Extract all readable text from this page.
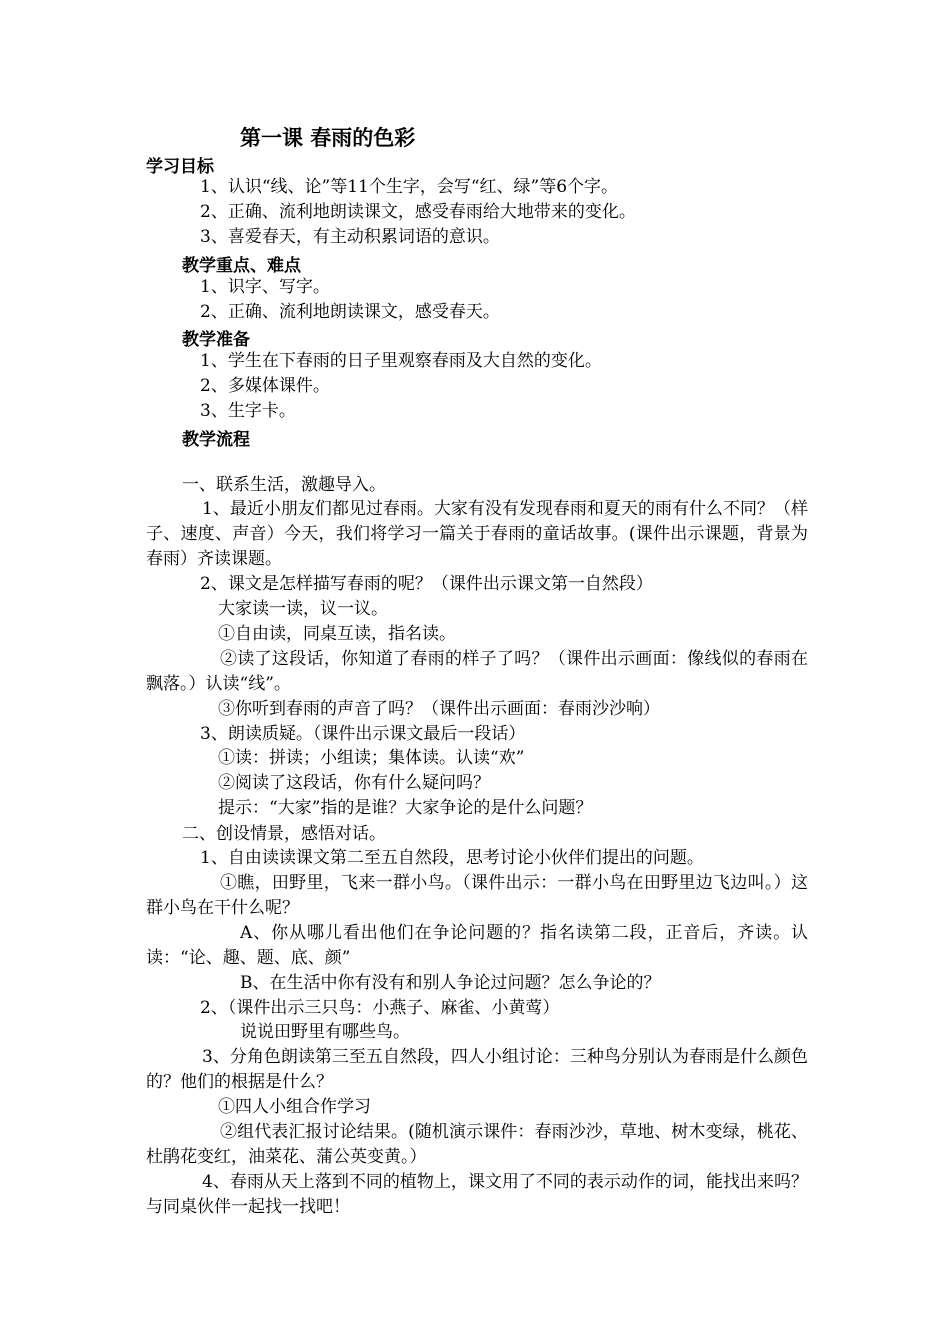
第一课 春雨的色彩
学习目标
1、认识“线、论”等11个生字，会写“红、绿”等6个字。
2、正确、流利地朗读课文，感受春雨给大地带来的变化。
3、喜爱春天，有主动积累词语的意识。
教学重点、难点
1、识字、写字。
2、正确、流利地朗读课文，感受春天。
教学准备
1、学生在下春雨的日子里观察春雨及大自然的变化。
2、多媒体课件。
3、生字卡。
教学流程
一、联系生活，激趣导入。
1、最近小朋友们都见过春雨。大家有没有发现春雨和夏天的雨有什么不同？（样子、速度、声音）今天，我们将学习一篇关于春雨的童话故事。(课件出示课题，背景为春雨）齐读课题。
2、课文是怎样描写春雨的呢？（课件出示课文第一自然段）
大家读一读，议一议。
①自由读，同桌互读，指名读。
②读了这段话，你知道了春雨的样子了吗？（课件出示画面：像线似的春雨在飘落。）认读“线”。
③你听到春雨的声音了吗？（课件出示画面：春雨沙沙响）
3、朗读质疑。（课件出示课文最后一段话）
①读：拼读；小组读；集体读。认读“欢”
②阅读了这段话，你有什么疑问吗？
提示：“大家”指的是谁？大家争论的是什么问题？
二、创设情景，感悟对话。
1、自由读读课文第二至五自然段，思考讨论小伙伴们提出的问题。
①瞧，田野里，飞来一群小鸟。（课件出示：一群小鸟在田野里边飞边叫。）这群小鸟在干什么呢？
A、你从哪儿看出他们在争论问题的？指名读第二段，正音后，齐读。认读：“论、趣、题、底、颜”
B、在生活中你有没有和别人争论过问题？怎么争论的？
2、（课件出示三只鸟：小燕子、麻雀、小黄莺）
说说田野里有哪些鸟。
3、分角色朗读第三至五自然段，四人小组讨论：三种鸟分别认为春雨是什么颜色的？他们的根据是什么？
①四人小组合作学习
②组代表汇报讨论结果。(随机演示课件：春雨沙沙，草地、树木变绿，桃花、杜鹃花变红，油菜花、蒲公英变黄。）
4、春雨从天上落到不同的植物上，课文用了不同的表示动作的词，能找出来吗？与同桌伙伴一起找一找吧！
